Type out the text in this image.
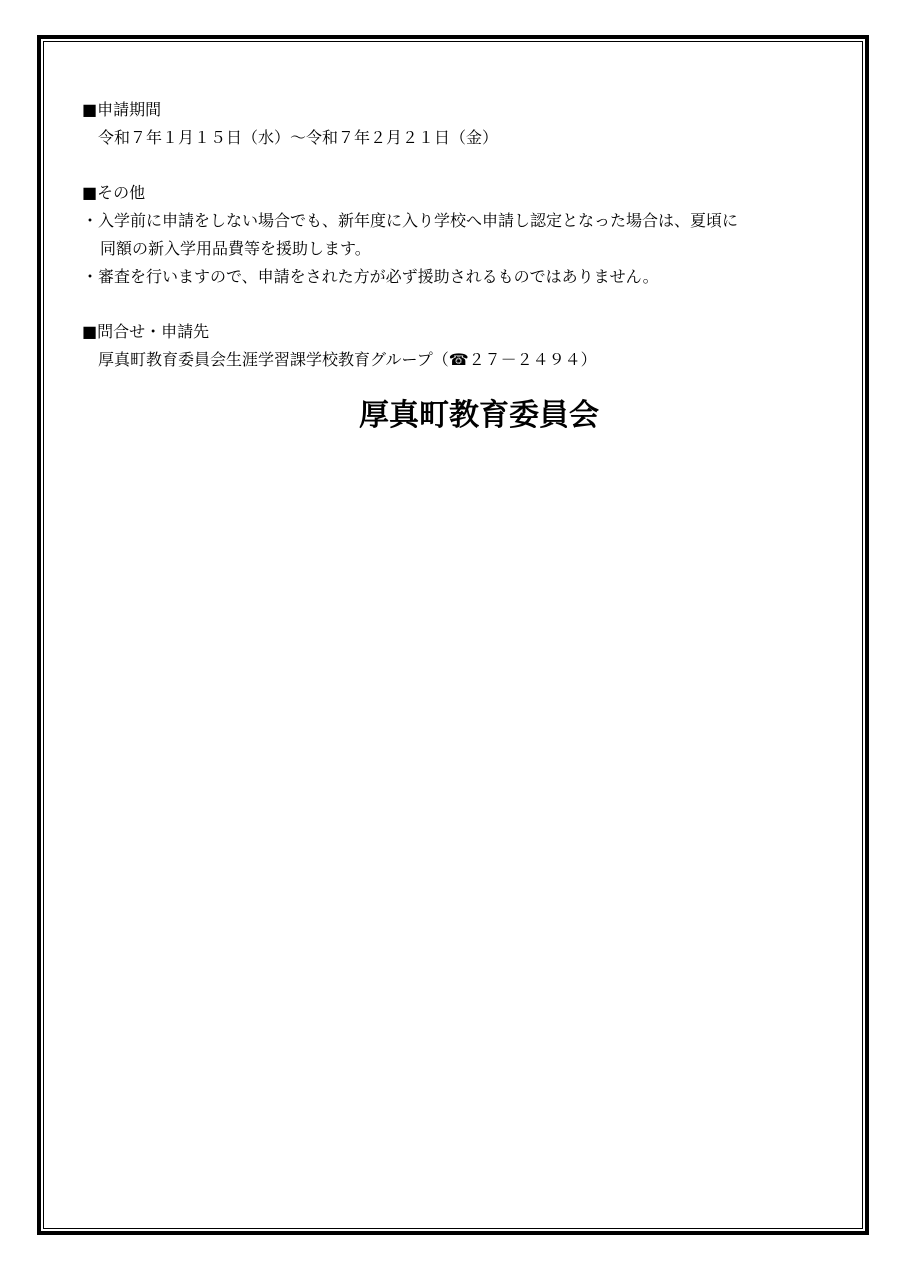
■申請期間
令和７年１月１５日（水）〜令和７年２月２１日（金）
■その他
・入学前に申請をしない場合でも、新年度に入り学校へ申請し認定となった場合は、夏頃に
同額の新入学用品費等を援助します。
・審査を行いますので、申請をされた方が必ず援助されるものではありません。
■問合せ・申請先
厚真町教育委員会生涯学習課学校教育グループ（☎２７－２４９４）
厚真町教育委員会
